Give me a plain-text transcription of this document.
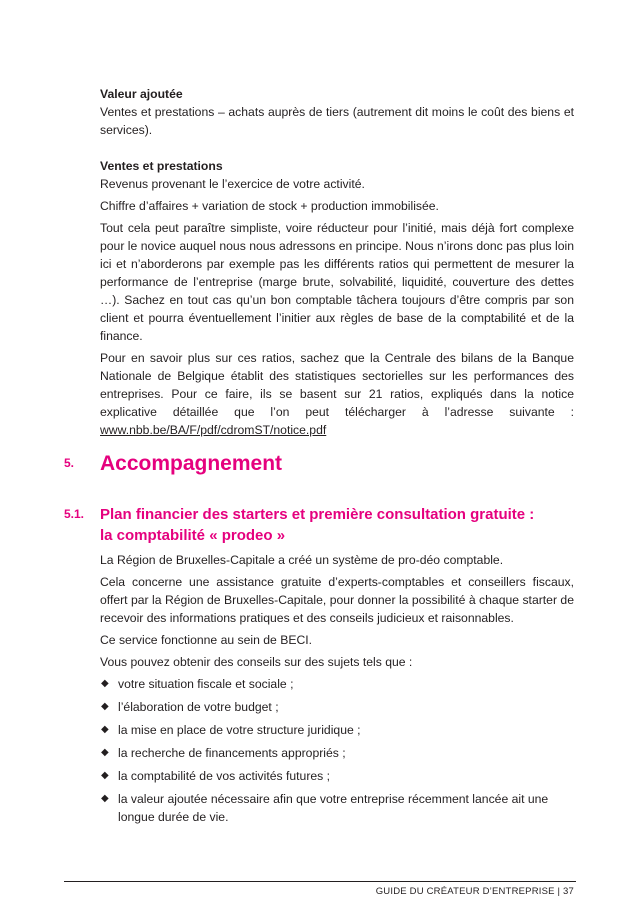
Valeur ajoutée
Ventes et prestations – achats auprès de tiers (autrement dit moins le coût des biens et services).
Ventes et prestations
Revenus provenant le l’exercice de votre activité.
Chiffre d’affaires + variation de stock + production immobilisée.
Tout cela peut paraître simpliste, voire réducteur pour l’initié, mais déjà fort complexe pour le novice auquel nous nous adressons en principe. Nous n’irons donc pas plus loin ici et n’aborderons par exemple pas les différents ratios qui permettent de mesurer la performance de l’entreprise (marge brute, solvabilité, liquidité, couverture des dettes …). Sachez en tout cas qu’un bon comptable tâchera toujours d’être compris par son client et pourra éventuellement l’initier aux règles de base de la comptabilité et de la finance.
Pour en savoir plus sur ces ratios, sachez que la Centrale des bilans de la Banque Nationale de Belgique établit des statistiques sectorielles sur les performances des entreprises. Pour ce faire, ils se basent sur 21 ratios, expliqués dans la notice explicative détaillée que l’on peut télécharger à l’adresse suivante : www.nbb.be/BA/F/pdf/cdromST/notice.pdf
5.	Accompagnement
5.1.	Plan financier des starters et première consultation gratuite : la comptabilité « prodeo »
La Région de Bruxelles-Capitale a créé un système de pro-déo comptable.
Cela concerne une assistance gratuite d’experts-comptables et conseillers fiscaux, offert par la Région de Bruxelles-Capitale, pour donner la possibilité à chaque starter de recevoir des informations pratiques et des conseils judicieux et raisonnables.
Ce service fonctionne au sein de BECI.
Vous pouvez obtenir des conseils sur des sujets tels que :
◆ votre situation fiscale et sociale ;
◆ l’élaboration de votre budget ;
◆ la mise en place de votre structure juridique ;
◆ la recherche de financements appropriés ;
◆ la comptabilité de vos activités futures ;
◆ la valeur ajoutée nécessaire afin que votre entreprise récemment lancée ait une longue durée de vie.
GUIDE DU CRÉATEUR D’ENTREPRISE | 37
